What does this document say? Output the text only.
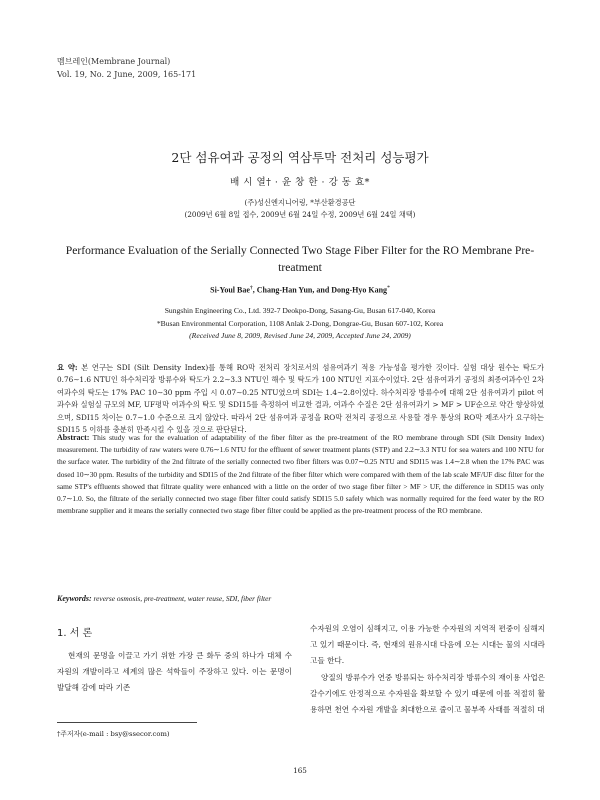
멤브레인(Membrane Journal)
Vol. 19, No. 2 June, 2009, 165-171
2단 섬유여과 공정의 역삼투막 전처리 성능평가
배 시 열† · 윤 창 한 · 강 동 효*
(주)성신엔지니어링, *부산환경공단
(2009년 6월 8일 접수, 2009년 6월 24일 수정, 2009년 6월 24일 채택)
Performance Evaluation of the Serially Connected Two Stage Fiber Filter for the RO Membrane Pre-treatment
Si-Youl Bae†, Chang-Han Yun, and Dong-Hyo Kang*
Sungshin Engineering Co., Ltd. 392-7 Deokpo-Dong, Sasang-Gu, Busan 617-040, Korea
*Busan Environmental Corporation, 1108 Anlak 2-Dong, Dongrae-Gu, Busan 607-102, Korea
(Received June 8, 2009, Revised June 24, 2009, Accepted June 24, 2009)
요 약: 본 연구는 SDI (Silt Density Index)를 통해 RO막 전처리 장치로서의 섬유여과기 적용 가능성을 평가한 것이다. 실험 대상 원수는 탁도가 0.76∼1.6 NTU인 하수처리장 방류수와 탁도가 2.2∼3.3 NTU인 해수 및 탁도가 100 NTU인 지표수이었다. 2단 섬유여과기 공정의 최종여과수인 2차 여과수의 탁도는 17% PAC 10∼30 ppm 주입 시 0.07∼0.25 NTU였으며 SDI는 1.4∼2.8이었다. 하수처리장 방류수에 대해 2단 섬유여과기 pilot 여과수와 실험실 규모의 MF, UF평막 여과수의 탁도 및 SDI15를 측정하여 비교한 결과, 여과수 수질은 2단 섬유여과기 > MF > UF순으로 약간 향상하였으며, SDI15 차이는 0.7∼1.0 수준으로 크지 않았다. 따라서 2단 섬유여과 공정을 RO막 전처리 공정으로 사용할 경우 통상의 RO막 제조사가 요구하는 SDI15 5 이하를 충분히 만족시킬 수 있을 것으로 판단된다.
Abstract: This study was for the evaluation of adaptability of the fiber filter as the pre-treatment of the RO membrane through SDI (Silt Density Index) measurement. The turbidity of raw waters were 0.76∼1.6 NTU for the effluent of sewer treatment plants (STP) and 2.2∼3.3 NTU for sea waters and 100 NTU for the surface water. The turbidity of the 2nd filtrate of the serially connected two fiber filters was 0.07∼0.25 NTU and SDI15 was 1.4∼2.8 when the 17% PAC was dosed 10∼30 ppm. Results of the turbidity and SDI15 of the 2nd filtrate of the fiber filter which were compared with them of the lab scale MF/UF disc filter for the same STP's effluents showed that filtrate quality were enhanced with a little on the order of two stage fiber filter > MF > UF, the difference in SDI15 was only 0.7∼1.0. So, the filtrate of the serially connected two stage fiber filter could satisfy SDI15 5.0 safely which was normally required for the feed water by the RO membrane supplier and it means the serially connected two stage fiber filter could be applied as the pre-treatment process of the RO membrane.
Keywords: reverse osmosis, pre-treatment, water reuse, SDI, fiber filter
1. 서 론

현재의 문명을 이끌고 가기 위한 가장 큰 화두 중의 하나가 대체 수자원의 개발이라고 세계의 많은 석학들이 주장하고 있다. 이는 문명이 발달해 감에 따라 기존

수자원의 오염이 심해지고, 이용 가능한 수자원의 지역적 편중이 심해지고 있기 때문이다. 즉, 현재의 원유시대 다음에 오는 시대는 물의 시대라고들 한다.

양질의 방류수가 연중 방류되는 하수처리장 방류수의 재이용 사업은 갈수기에도 안정적으로 수자원을 확보할 수 있기 때문에 이를 적절히 활용하면 천연 수자원 개발을 최대한으로 줄이고 물부족 사태를 적절히 대

†주저자(e-mail : bsy@ssecor.com)
165
